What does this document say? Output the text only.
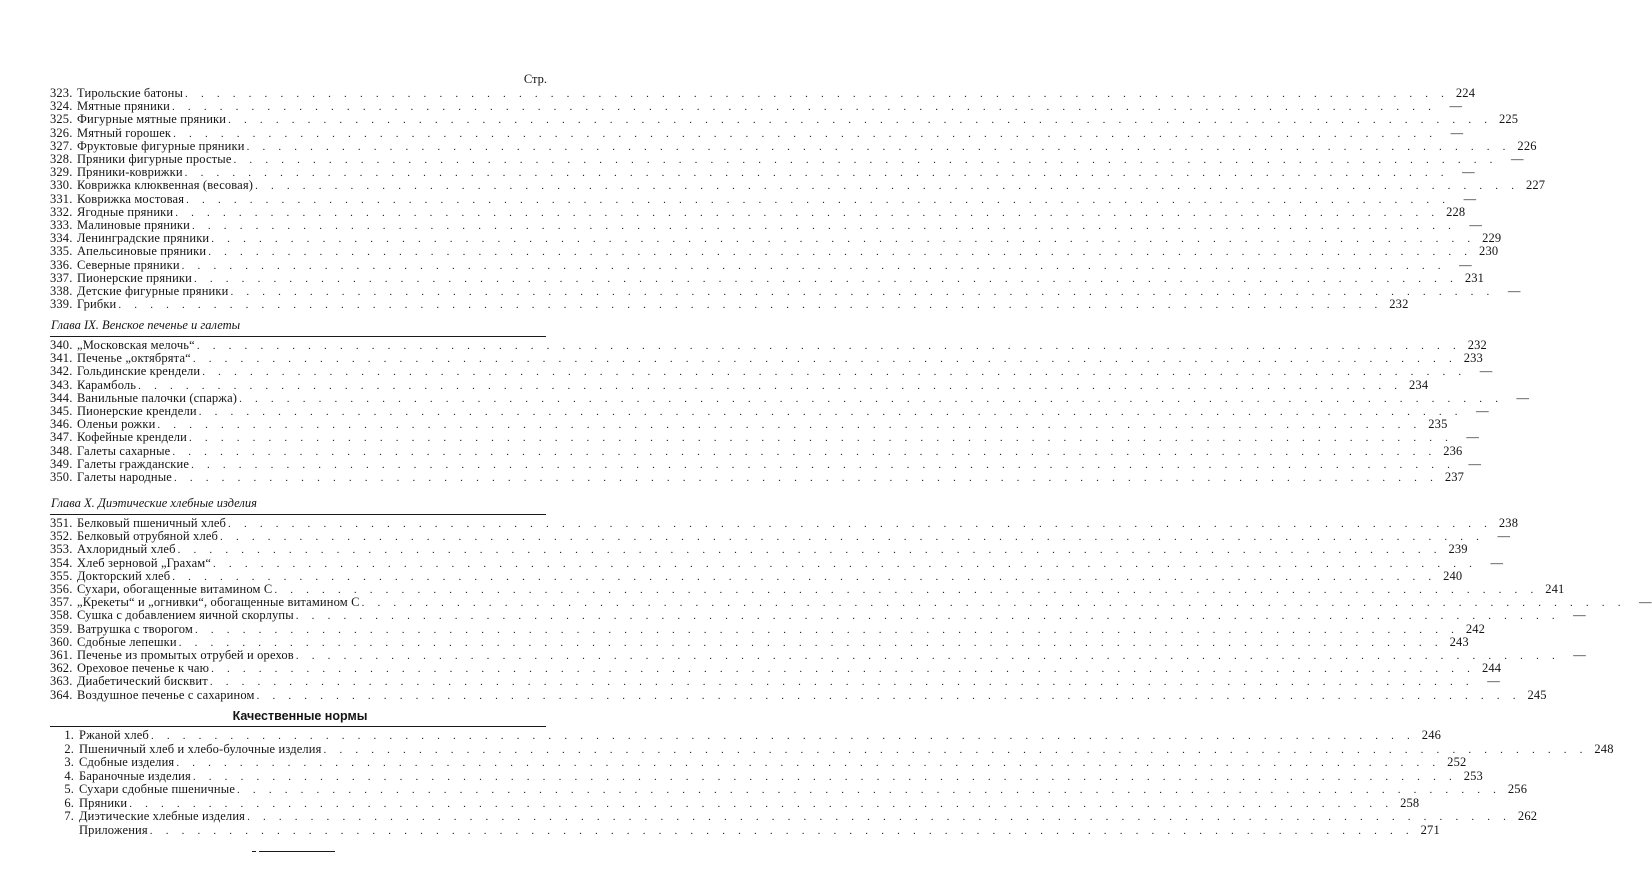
Стр.
323. Тирольские батоны . . . . . . . . . . . . . . . . . . . . . . . . . . . . . . . . . . . . . . . . . . . . . . . . . . . . . . . . . . . . . . . . . . . . . . . . . . . . . . . . 224
324. Мятные пряники . . . . . . . . . . . . . . . . . . . . . . . . . . . . . . . . . . . . . . . . . . . . . . . . . . . . . . . . . . . . . . . . . . . . . . . . . . . . . . . .	—
325. Фигурные мятные пряники . . . . . . . . . . . . . . . . . . . . . . . . . . . . . . . . . . . . . . . . . . . . . . . . . . . . . . . . . . . . . . . . . . . . . . . . . . . . . . . . 225
326. Мятный горошек . . . . . . . . . . . . . . . . . . . . . . . . . . . . . . . . . . . . . . . . . . . . . . . . . . . . . . . . . . . . . . . . . . . . . . . . . . . . . . . .	—
327. Фруктовые фигурные пряники . . . . . . . . . . . . . . . . . . . . . . . . . . . . . . . . . . . . . . . . . . . . . . . . . . . . . . . . . . . . . . . . . . . . . . . . . . . . . . . . 226
328. Пряники фигурные простые . . . . . . . . . . . . . . . . . . . . . . . . . . . . . . . . . . . . . . . . . . . . . . . . . . . . . . . . . . . . . . . . . . . . . . . . . . . . . . . .	—
329. Пряники-коврижки . . . . . . . . . . . . . . . . . . . . . . . . . . . . . . . . . . . . . . . . . . . . . . . . . . . . . . . . . . . . . . . . . . . . . . . . . . . . . . . .	—
330. Коврижка клюквенная (весовая) . . . . . . . . . . . . . . . . . . . . . . . . . . . . . . . . . . . . . . . . . . . . . . . . . . . . . . . . . . . . . . . . . . . . . . . . . . . . . . . . 227
331. Коврижка мостовая . . . . . . . . . . . . . . . . . . . . . . . . . . . . . . . . . . . . . . . . . . . . . . . . . . . . . . . . . . . . . . . . . . . . . . . . . . . . . . . .	—
332. Ягодные пряники . . . . . . . . . . . . . . . . . . . . . . . . . . . . . . . . . . . . . . . . . . . . . . . . . . . . . . . . . . . . . . . . . . . . . . . . . . . . . . . . 228
333. Малиновые пряники . . . . . . . . . . . . . . . . . . . . . . . . . . . . . . . . . . . . . . . . . . . . . . . . . . . . . . . . . . . . . . . . . . . . . . . . . . . . . . . .	—
334. Ленинградские пряники . . . . . . . . . . . . . . . . . . . . . . . . . . . . . . . . . . . . . . . . . . . . . . . . . . . . . . . . . . . . . . . . . . . . . . . . . . . . . . . . 229
335. Апельсиновые пряники . . . . . . . . . . . . . . . . . . . . . . . . . . . . . . . . . . . . . . . . . . . . . . . . . . . . . . . . . . . . . . . . . . . . . . . . . . . . . . . . 230
336. Северные пряники . . . . . . . . . . . . . . . . . . . . . . . . . . . . . . . . . . . . . . . . . . . . . . . . . . . . . . . . . . . . . . . . . . . . . . . . . . . . . . . .	—
337. Пионерские пряники . . . . . . . . . . . . . . . . . . . . . . . . . . . . . . . . . . . . . . . . . . . . . . . . . . . . . . . . . . . . . . . . . . . . . . . . . . . . . . . . 231
338. Детские фигурные пряники . . . . . . . . . . . . . . . . . . . . . . . . . . . . . . . . . . . . . . . . . . . . . . . . . . . . . . . . . . . . . . . . . . . . . . . . . . . . . . . .	—
339. Грибки . . . . . . . . . . . . . . . . . . . . . . . . . . . . . . . . . . . . . . . . . . . . . . . . . . . . . . . . . . . . . . . . . . . . . . . . . . . . . . . . 232
Глава IX. Венское печенье и галеты
340. „Московская мелочь“ . . . . . . . . . . . . . . . . . . . . . . . . . . . . . . . . . . . . . . . . . . . . . . . . . . . . . . . . . . . . . . . . . . . . . . . . . . . . . . . . 232
341. Печенье „октябрята“ . . . . . . . . . . . . . . . . . . . . . . . . . . . . . . . . . . . . . . . . . . . . . . . . . . . . . . . . . . . . . . . . . . . . . . . . . . . . . . . . 233
342. Гольдинские крендели . . . . . . . . . . . . . . . . . . . . . . . . . . . . . . . . . . . . . . . . . . . . . . . . . . . . . . . . . . . . . . . . . . . . . . . . . . . . . . . .	—
343. Карамболь . . . . . . . . . . . . . . . . . . . . . . . . . . . . . . . . . . . . . . . . . . . . . . . . . . . . . . . . . . . . . . . . . . . . . . . . . . . . . . . . 234
344. Ванильные палочки (спаржа) . . . . . . . . . . . . . . . . . . . . . . . . . . . . . . . . . . . . . . . . . . . . . . . . . . . . . . . . . . . . . . . . . . . . . . . . . . . . . . . .	—
345. Пионерские крендели . . . . . . . . . . . . . . . . . . . . . . . . . . . . . . . . . . . . . . . . . . . . . . . . . . . . . . . . . . . . . . . . . . . . . . . . . . . . . . . .	—
346. Оленьи рожки . . . . . . . . . . . . . . . . . . . . . . . . . . . . . . . . . . . . . . . . . . . . . . . . . . . . . . . . . . . . . . . . . . . . . . . . . . . . . . . . 235
347. Кофейные крендели . . . . . . . . . . . . . . . . . . . . . . . . . . . . . . . . . . . . . . . . . . . . . . . . . . . . . . . . . . . . . . . . . . . . . . . . . . . . . . . .	—
348. Галеты сахарные . . . . . . . . . . . . . . . . . . . . . . . . . . . . . . . . . . . . . . . . . . . . . . . . . . . . . . . . . . . . . . . . . . . . . . . . . . . . . . . . 236
349. Галеты гражданские . . . . . . . . . . . . . . . . . . . . . . . . . . . . . . . . . . . . . . . . . . . . . . . . . . . . . . . . . . . . . . . . . . . . . . . . . . . . . . . .	—
350. Галеты народные . . . . . . . . . . . . . . . . . . . . . . . . . . . . . . . . . . . . . . . . . . . . . . . . . . . . . . . . . . . . . . . . . . . . . . . . . . . . . . . . 237
Глава X. Диэтические хлебные изделия
351. Белковый пшеничный хлеб . . . . . . . . . . . . . . . . . . . . . . . . . . . . . . . . . . . . . . . . . . . . . . . . . . . . . . . . . . . . . . . . . . . . . . . . . . . . . . . . 238
352. Белковый отрубяной хлеб . . . . . . . . . . . . . . . . . . . . . . . . . . . . . . . . . . . . . . . . . . . . . . . . . . . . . . . . . . . . . . . . . . . . . . . . . . . . . . . .	—
353. Ахлоридный хлеб . . . . . . . . . . . . . . . . . . . . . . . . . . . . . . . . . . . . . . . . . . . . . . . . . . . . . . . . . . . . . . . . . . . . . . . . . . . . . . . . 239
354. Хлеб зерновой „Грахам“ . . . . . . . . . . . . . . . . . . . . . . . . . . . . . . . . . . . . . . . . . . . . . . . . . . . . . . . . . . . . . . . . . . . . . . . . . . . . . . . .	—
355. Докторский хлеб . . . . . . . . . . . . . . . . . . . . . . . . . . . . . . . . . . . . . . . . . . . . . . . . . . . . . . . . . . . . . . . . . . . . . . . . . . . . . . . . 240
356. Сухари, обогащенные витамином С . . . . . . . . . . . . . . . . . . . . . . . . . . . . . . . . . . . . . . . . . . . . . . . . . . . . . . . . . . . . . . . . . . . . . . . . . . . . . . . . 241
357. „Крекеты“ и „огнивки“, обогащенные витамином С . . . . . . . . . . . . . . . . . . . . . . . . . . . . . . . . . . . . . . . . . . . . . . . . . . . . . . . . . . . . . . . . . . . . . . . . . . . . . . . .	—
358. Сушка с добавлением яичной скорлупы . . . . . . . . . . . . . . . . . . . . . . . . . . . . . . . . . . . . . . . . . . . . . . . . . . . . . . . . . . . . . . . . . . . . . . . . . . . . . . . .	—
359. Ватрушка с творогом . . . . . . . . . . . . . . . . . . . . . . . . . . . . . . . . . . . . . . . . . . . . . . . . . . . . . . . . . . . . . . . . . . . . . . . . . . . . . . . . 242
360. Сдобные лепешки . . . . . . . . . . . . . . . . . . . . . . . . . . . . . . . . . . . . . . . . . . . . . . . . . . . . . . . . . . . . . . . . . . . . . . . . . . . . . . . . 243
361. Печенье из промытых отрубей и орехов . . . . . . . . . . . . . . . . . . . . . . . . . . . . . . . . . . . . . . . . . . . . . . . . . . . . . . . . . . . . . . . . . . . . . . . . . . . . . . . .	—
362. Ореховое печенье к чаю . . . . . . . . . . . . . . . . . . . . . . . . . . . . . . . . . . . . . . . . . . . . . . . . . . . . . . . . . . . . . . . . . . . . . . . . . . . . . . . . 244
363. Диабетический бисквит . . . . . . . . . . . . . . . . . . . . . . . . . . . . . . . . . . . . . . . . . . . . . . . . . . . . . . . . . . . . . . . . . . . . . . . . . . . . . . . .	—
364. Воздушное печенье с сахарином . . . . . . . . . . . . . . . . . . . . . . . . . . . . . . . . . . . . . . . . . . . . . . . . . . . . . . . . . . . . . . . . . . . . . . . . . . . . . . . . 245
Качественные нормы
1. Ржаной хлеб . . . . . . . . . . . . . . . . . . . . . . . . . . . . . . . . . . . . . . . . . . . . . . . . . . . . . . . . . . . . . . . . . . . . . . . . . . . . . . . . 246
2. Пшеничный хлеб и хлебо-булочные изделия . . . . . . . . . . . . . . . . . . . . . . . . . . . . . . . . . . . . . . . . . . . . . . . . . . . . . . . . . . . . . . . . . . . . . . . . . . . . . . . . 248
3. Сдобные изделия . . . . . . . . . . . . . . . . . . . . . . . . . . . . . . . . . . . . . . . . . . . . . . . . . . . . . . . . . . . . . . . . . . . . . . . . . . . . . . . . 252
4. Бараночные изделия . . . . . . . . . . . . . . . . . . . . . . . . . . . . . . . . . . . . . . . . . . . . . . . . . . . . . . . . . . . . . . . . . . . . . . . . . . . . . . . . 253
5. Сухари сдобные пшеничные . . . . . . . . . . . . . . . . . . . . . . . . . . . . . . . . . . . . . . . . . . . . . . . . . . . . . . . . . . . . . . . . . . . . . . . . . . . . . . . . 256
6. Пряники . . . . . . . . . . . . . . . . . . . . . . . . . . . . . . . . . . . . . . . . . . . . . . . . . . . . . . . . . . . . . . . . . . . . . . . . . . . . . . . . 258
7. Диэтические хлебные изделия . . . . . . . . . . . . . . . . . . . . . . . . . . . . . . . . . . . . . . . . . . . . . . . . . . . . . . . . . . . . . . . . . . . . . . . . . . . . . . . . 262
Приложения . . . . . . . . . . . . . . . . . . . . . . . . . . . . . . . . . . . . . . . . . . . . . . . . . . . . . . . . . . . . . . . . . . . . . . . . . . . . . . . . 271
